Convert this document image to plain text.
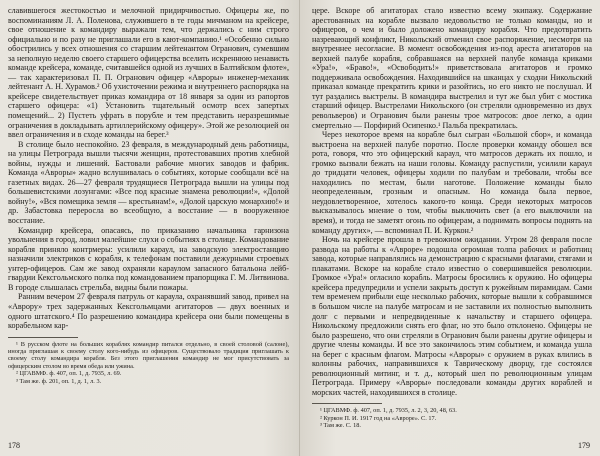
славившегося жестокостью и мелочной придирчивостью. Офицеры же, по воспоминаниям Л. А. Поленова, служившего в те годы мичманом на крейсере, свое отношение к командиру выражали тем, что держались с ним строго официально и по разу не приглашали его в кают-компанию.¹ «Особенно сильно обострились у всех отношения со старшим лейтенантом Огранович, сумевшим за неполную неделю своего старшего офицерства вселить искреннюю ненависть команде крейсера, команде, считавшейся одной из лучших в Балтийском флоте», — так характеризовал П. П. Огранович офицер «Авроры» инженер-механик лейтенант А. Н. Хурамов.² Об ухисточении режима и внутреннего распорядка на крейсере свидетельствует приказ командира от 18 января за один из рапортов старшего офицера: «1) Установить тщательный осмотр всех запертых помещений... 2) Пустеть уфрать в порубле и тем представить неразрешимые ограничения в докладывать артиллерийскому офицеру». Этой же резолюцией он ввел ограничения и в сходе команды на берег.³

В столице было неспокойно. 23 февраля, в международный день работницы, на улицы Петрограда вышли тысячи женщин, протестовавших против хлебной войны, нужды и лишений. Бастовали рабочие многих заводов и фабрик. Команда «Авроры» жадно вслушивалась о событиях, которые сообщали всё на газетных видах. 26—27 февраля трудящиеся Петрограда вышли на улицы под большевистскими лозунгами: «Все под красные знамена революции!», «Долой войну!», «Вся помещика земля — крестьянам!», «Долой царскую монархию!» и др. Забастовка перерослa во всеобщую, а восстание — в вооруженное восстание.

Командир крейсера, опасаясь, по приказанию начальника гарнизона увольнения в город, ловил малейшие слухи о событиях в столице. Командование корабля приняло контрмеры: усилили караул, на заводскую электростанцию назначили электриков с корабля, к телефонам поставили дежурными строевых унтер-офицеров. Сам же завод охраняли караулом запасного батальона лейб-гвардии Кексгольмского полка под командованием прапорщика Г. М. Литвинова. В городе слышалась стрельба, видны были пожары.

Ранним вечером 27 февраля патруль от караула, охранявший завод, привел на «Аврору» трех задержанных Кексгольмцами агитаторов — двух военных и одного штатского.⁴ По разрешению командира крейсера они были помещены в корабельном кар-

¹ В русском флоте на больших кораблях командир питался отдельно, в своей столовой (салоне), иногда приглашая к своему столу кого-нибудь из офицеров. Существовало традиция приглашать к своему столу командира корабля. Без этого приглашения командир не мог присутствовать за офицерским столом во время обеда или ужина.

² ЦГАВМФ. ф. 407, оп. 1, д. 7935, л. 69.

³ Там же. ф. 201, оп. 1, д. 1, л. 3.

178

цере. Вскоре об агитаторах стало известно всему экипажу. Содержание арестованных на корабле вызвало недовольство не только команды, но и офицеров, о чем и было доложено командиру корабля. Что предотвратить назревающий конфликт, Никольский отменил свое распоряжение, несмотря на внутреннее несогласие. В момент освобождения из-под ареста агитаторов на верхней палубе корабля, собравшаяся на верхней палубе команда криками «Ура!», «Браво!», «Освободить!» приветствовала агитаторов и громко поддерживала освобождения. Находившийся на шканцах у сходни Никольский приказал команде прекратить крики и разойтись, но его никто не послушал. И тут раздались выстрелы. В командира выстрелил и тут же был убит с мостика старший офицер. Выстрелами Никольского (он стреляли одновременно из двух револьверов) и Огранович были ранены трое матросов: двое легко, а один смертельно — Порфирий Осипенко.¹ Пальба прекратилась.

Через некоторое время на корабле был сыгран «Большой сбор», и команда выстроена на верхней палубе поротно. После проверки команду обошел вся рота, говоря, что это офицерский караул, что матросов держать их пошло, и громко вызвали бежать на наши головы. Команду распустили, усилили караул до тридцати человек, офицеры ходили по палубам и требовали, чтобы все находились по местам, были наготове. Положение команды было неопределенным, грозным и опасным. Но команда была первое, неудовлетворенное, хотелось какого-то конца. Среди некоторых матросов высказывалось мнение о том, чтобы выключить свет (а его выключили на время), и тогда не заметят огонь по офицерам, а поднимать вопросы поднять на команду других», — вспоминал П. И. Куркон.²

Ночь на крейсере прошла в тревожном ожидании. Утром 28 февраля после развода на работы к «Авроре» подошла огромная толпа рабочих и работниц завода, которые направлялись на демонстрацию с красными флагами, стягами и плакатами. Вскоре на корабле стало известно о совершившейся революции. Громкое «Ура!» огласило корабль. Матросы бросились к оружию. Но офицеры крейсера предупредили и успели закрыть доступ к ружейным пирамидам. Сами тем временем прибыли еще несколько рабочих, которые вышли к собравшимся в большом числе на палубе матросам и не заставили их полностью выполнить долг с первыми и непредвиденные к начальству и старшего офицера. Никольскому предложили снять его флаг, но это было отклонено. Офицеры не было разрешено, что они стреляли в Огранович были ранены другие офицеры и другие члены команды. И все это закончилось этим событием, и команда ушла на берег с красным флагом. Матросы «Авроры» с оружием в руках влились в колонны рабочих, направившихся к Таврическому дворцу, где состоялся революционный митинг, и т. д., который шел по революционным улицам Петрограда. Примеру «Авроры» последовали команды других кораблей и морских частей, находившихся в столице.

¹ ЦГАВМФ. ф. 407, оп. 1, д. 7935, л. 2, 3, 20, 48, 63.

² Куркон П. И. 1917 год на «Авроре». С. 17.

³ Там же. С. 18.

179
